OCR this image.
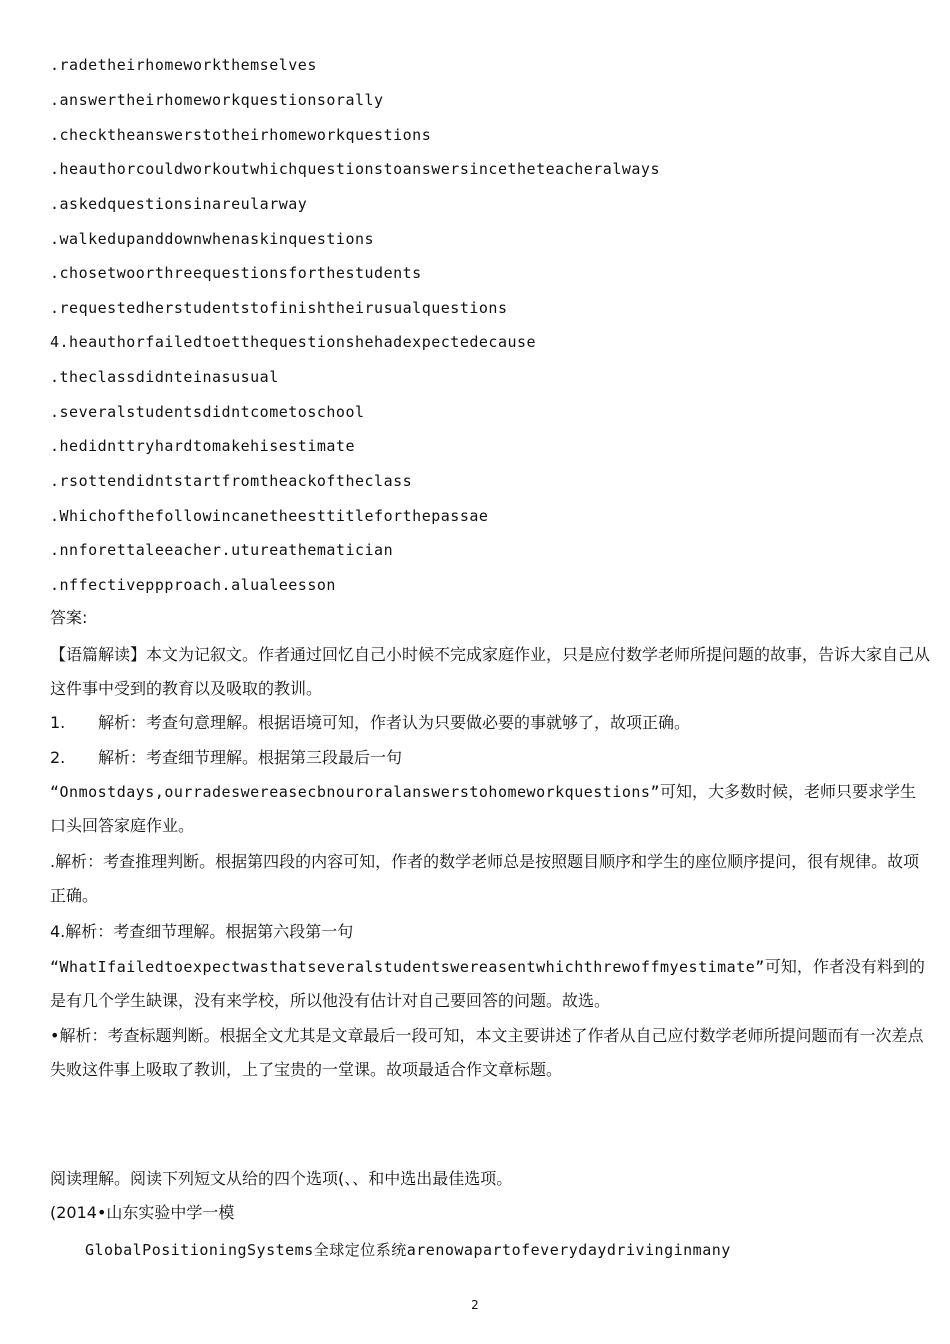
.radetheirhomeworkthemselves
.answertheirhomeworkquestionsorally
.checktheanswerstotheirhomeworkquestions
.heauthorcouldworkoutwhichquestionstoanswersincetheteacheralways
.askedquestionsinareularway
.walkedupanddownwhenaskinquestions
.chosetwoorthreequestionsforthestudents
.requestedherstudentstofinishtheirusualquestions
4.heauthorfailedtoetthequestionshehadexpectedecause
.theclassdidnteinasusual
.severalstudentsdidntcometoschool
.hedidnttryhardtomakehisestimate
.rsottendidntstartfromtheackoftheclass
.Whichofthefollowincanetheesttitleforthepassae
.nnforettaleeacher.utureathematician
.nffectiveppproach.alualeesson
答案:
【语篇解读】本文为记叙文。作者通过回忆自己小时候不完成家庭作业，只是应付数学老师所提问题的故事，告诉大家自己从这件事中受到的教育以及吸取的教训。
1. 解析：考查句意理解。根据语境可知，作者认为只要做必要的事就够了，故项正确。
2. 解析：考查细节理解。根据第三段最后一句
“Onmostdays,ourradeswereasecbnouroralanswerstohomeworkquestions”可知，大多数时候，老师只要求学生口头回答家庭作业。
.解析：考查推理判断。根据第四段的内容可知，作者的数学老师总是按照题目顺序和学生的座位顺序提问，很有规律。故项正确。
4.解析：考查细节理解。根据第六段第一句
“WhatIfailedtoexpectwasthatseveralstudentswereasentwhichthrewoffmyestimate”可知，作者没有料到的是有几个学生缺课，没有来学校，所以他没有估计对自己要回答的问题。故选。
•解析：考查标题判断。根据全文尤其是文章最后一段可知，本文主要讲述了作者从自己应付数学老师所提问题而有一次差点失败这件事上吸取了教训，上了宝贵的一堂课。故项最适合作文章标题。
阅读理解。阅读下列短文从给的四个选项(、、和中选出最佳选项。
(2014•山东实验中学一模
GlobalPositioningSystems全球定位系统arenowapartofeverydaydrivinginmany
2
